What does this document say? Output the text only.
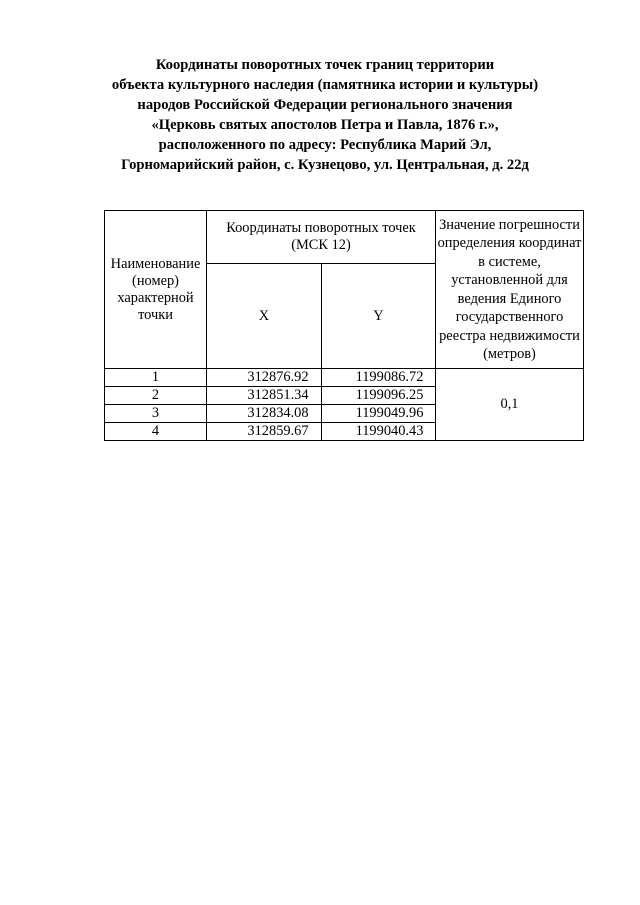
Координаты поворотных точек границ территории
объекта культурного наследия (памятника истории и культуры)
народов Российской Федерации регионального значения
«Церковь святых апостолов Петра и Павла, 1876 г.»,
расположенного по адресу: Республика Марий Эл,
Горномарийский район, с. Кузнецово, ул. Центральная, д. 22д
Наименование (номер) характерной точки	Координаты поворотных точек (МСК 12)		Значение погрешности определения координат в системе, установленной для ведения Единого государственного реестра недвижимости (метров)
	X	Y	
1	312876.92	1199086.72	0,1
2	312851.34	1199096.25	
3	312834.08	1199049.96	
4	312859.67	1199040.43	
